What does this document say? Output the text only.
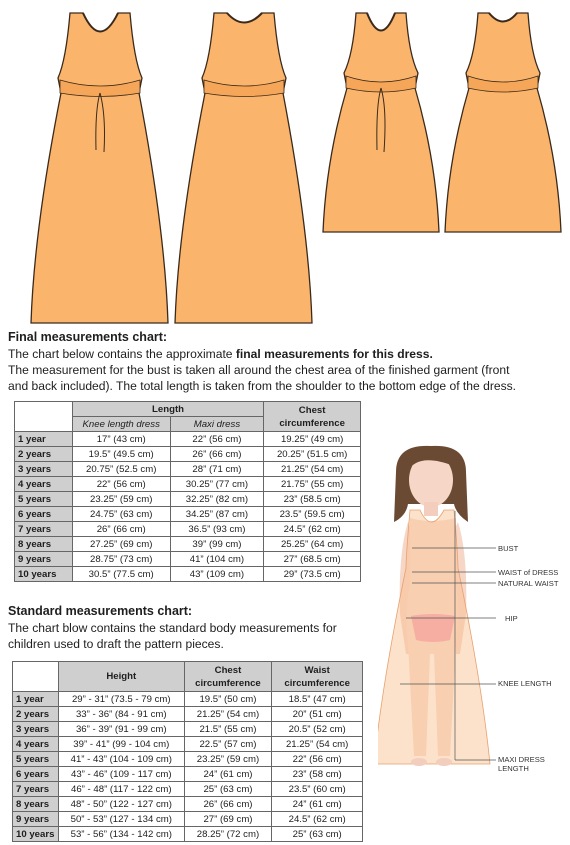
Final measurements chart:
The chart below contains the approximate final measurements for this dress.
The measurement for the bust is taken all around the chest area of the finished garment (front
and back included). The total length is taken from the shoulder to the bottom edge of the dress.
	Length		Chest
circumference
	Knee length dress	Maxi dress	
1 year	17” (43 cm)	22” (56 cm)	19.25” (49 cm)
2 years	19.5” (49.5 cm)	26” (66 cm)	20.25” (51.5 cm)
3 years	20.75” (52.5 cm)	28” (71 cm)	21.25” (54 cm)
4 years	22” (56 cm)	30.25” (77 cm)	21.75” (55 cm)
5 years	23.25” (59 cm)	32.25” (82 cm)	23” (58.5 cm)
6 years	24.75” (63 cm)	34.25” (87 cm)	23.5” (59.5 cm)
7 years	26” (66 cm)	36.5” (93 cm)	24.5” (62 cm)
8 years	27.25” (69 cm)	39” (99 cm)	25.25” (64 cm)
9 years	28.75” (73 cm)	41” (104 cm)	27” (68.5 cm)
10 years	30.5” (77.5 cm)	43” (109 cm)	29” (73.5 cm)
Standard measurements chart:
The chart blow contains the standard body measurements for
children used to draft the pattern pieces.
	Height	Chest
circumference	Waist
circumference
1 year	29” - 31” (73.5 - 79 cm)	19.5” (50 cm)	18.5” (47 cm)
2 years	33” - 36” (84 - 91 cm)	21.25” (54 cm)	20” (51 cm)
3 years	36” - 39” (91 - 99 cm)	21.5” (55 cm)	20.5” (52 cm)
4 years	39” - 41” (99 - 104 cm)	22.5” (57 cm)	21.25” (54 cm)
5 years	41” - 43” (104 - 109 cm)	23.25” (59 cm)	22” (56 cm)
6 years	43” - 46” (109 - 117 cm)	24” (61 cm)	23” (58 cm)
7 years	46” - 48” (117 - 122 cm)	25” (63 cm)	23.5” (60 cm)
8 years	48” - 50” (122 - 127 cm)	26” (66 cm)	24” (61 cm)
9 years	50” - 53” (127 - 134 cm)	27” (69 cm)	24.5” (62 cm)
10 years	53” - 56” (134 - 142 cm)	28.25” (72 cm)	25” (63 cm)
BUST
WAIST of DRESS
NATURAL WAIST
HIP
KNEE LENGTH
MAXI DRESS
LENGTH
